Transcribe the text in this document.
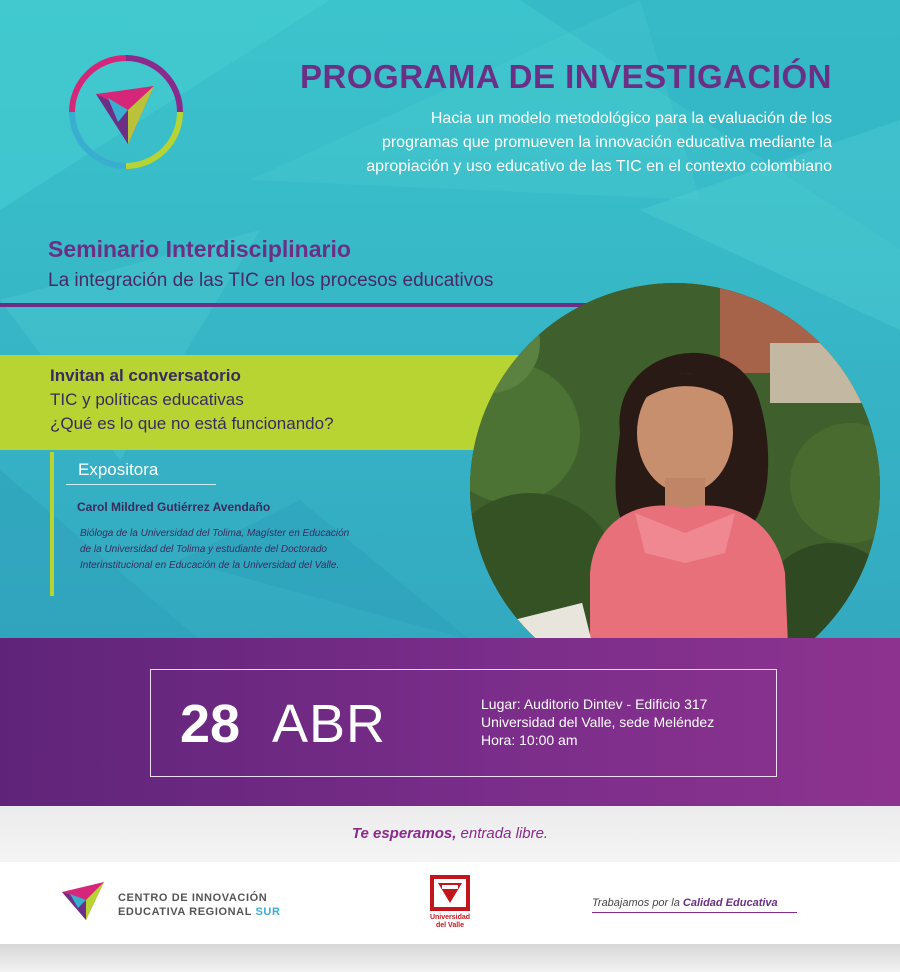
PROGRAMA DE INVESTIGACIÓN
Hacia un modelo metodológico para la evaluación de los
programas que promueven la innovación educativa mediante la
apropiación y uso educativo de las TIC en el contexto colombiano
Seminario Interdisciplinario
La integración de las TIC en los procesos educativos
Invitan al conversatorio
TIC y políticas educativas
¿Qué es lo que no está funcionando?
Expositora
Carol Mildred Gutiérrez Avendaño
Bióloga de la Universidad del Tolima, Magíster en Educación
de la Universidad del Tolima y estudiante del Doctorado
Interinstitucional en Educación de la Universidad del Valle.
28 ABR	Lugar: Auditorio Dintev - Edificio 317
Universidad del Valle, sede Meléndez
Hora: 10:00 am
Te esperamos, entrada libre.
CENTRO DE INNOVACIÓN
EDUCATIVA REGIONAL SUR	Universidad
del Valle
Trabajamos por la Calidad Educativa
